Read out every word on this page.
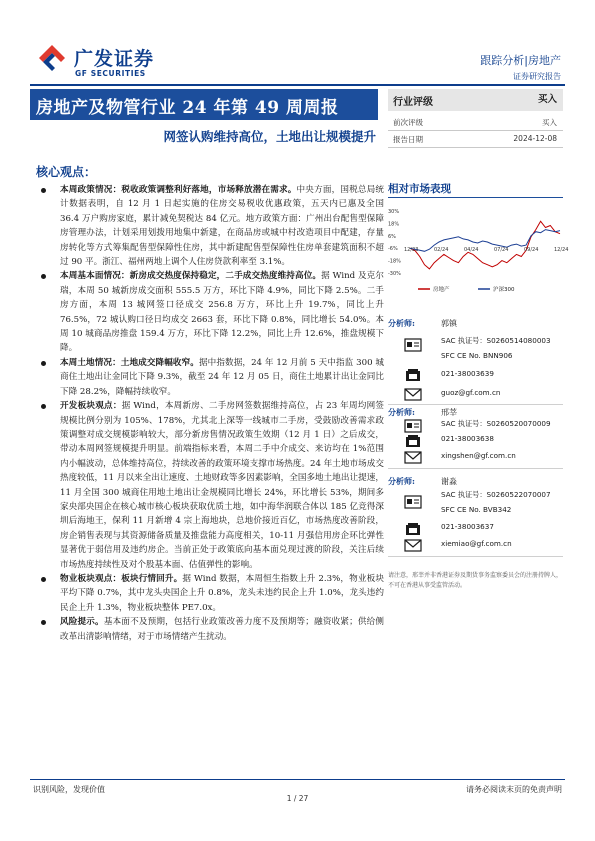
广发证券
GF SECURITIES
跟踪分析|房地产
证券研究报告
房地产及物管行业 24 年第 49 周周报
网签认购维持高位，土地出让规模提升
行业评级	买入
前次评级	买入
报告日期	2024-12-08
核心观点：
本周政策情况：税收政策调整利好落地，市场释放潜在需求。中央方面，国税总局统计数据表明，自 12 月 1 日起实施的住房交易税收优惠政策，五天内已惠及全国 36.4 万户购房家庭，累计减免契税达 84 亿元。地方政策方面：广州出台配售型保障房管理办法，计划采用划拨用地集中新建，在商品房或城中村改造项目中配建，存量房转化等方式筹集配售型保障性住房，其中新建配售型保障性住房单套建筑面积不超过 90 平。浙江、福州两地上调个人住房贷款利率至 3.1%。
本周基本面情况：新房成交热度保持稳定，二手成交热度维持高位。据 Wind 及克尔瑞，本周 50 城新房成交面积 555.5 万方，环比下降 4.9%，同比下降 2.5%。二手房方面，本周 13 城网签口径成交 256.8 万方，环比上升 19.7%，同比上升 76.5%，72 城认购口径日均成交 2663 套，环比下降 0.8%，同比增长 54.0%。本周 10 城商品房推盘 159.4 万方，环比下降 12.2%，同比上升 12.6%，推盘规模下降。
本周土地情况：土地成交降幅收窄。据中指数据，24 年 12 月前 5 天中指监 300 城商住土地出让金同比下降 9.3%，截至 24 年 12 月 05 日，商住土地累计出让金同比下降 28.2%，降幅持续收窄。
开发板块观点：据 Wind，本周新房、二手房网签数据维持高位，占 23 年周均网签规模比例分别为 105%、178%，尤其北上深等一线城市二手房，受鼓励改善需求政策调整对成交规模影响较大，部分新房售情况政策生效期（12 月 1 日）之后成交，带动本周网签规模提升明显。前端指标来看，本周二手中介成交、来访均在 1%范围内小幅波动，总体维持高位，持续改善的政策环境支撑市场热度。24 年土地市场成交热度较低，11 月以来全出让速度、土地财政等多因素影响，全国多地土地出让提速，11 月全国 300 城商住用地土地出让金规模同比增长 24%，环比增长 53%，期间多家央部央国企在核心城市核心板块获取优质土地，如中海华润联合体以 185 亿竞得深圳后海地王，保利 11 月新增 4 宗上海地块，总地价接近百亿，市场热度改善阶段，房企销售表现与其资源储备质量及推盘能力高度相关，10-11 月强信用房企环比弹性显著优于弱信用及违约房企。当前正处于政策底向基本面兑现过渡的阶段，关注后续市场热度持续性及对个股基本面、估值弹性的影响。
物业板块观点：板块行情回升。据 Wind 数据，本周恒生指数上升 2.3%，物业板块平均下降 0.7%，其中龙头央国企上升 0.8%，龙头未违约民企上升 1.0%，龙头违约民企上升 1.3%，物业板块整体 PE7.0x。
风险提示。基本面不及预期，包括行业政策改善力度不及预期等；融资收紧；供给侧改革出清影响情绪，对于市场情绪产生扰动。
相对市场表现
30%
18%
6%
-6%
-18%
-30%
12/23	02/24	04/24	07/24	09/24	12/24
房地产	沪深300
分析师:	郭镇
SAC 执证号：S0260514080003
SFC CE No. BNN906
021-38003639
guoz@gf.com.cn
分析师:	邢莘
SAC 执证号：S0260520070009
021-38003638
xingshen@gf.com.cn
分析师:	谢淼
SAC 执证号：S0260522070007
SFC CE No. BVB342
021-38003637
xiemiao@gf.com.cn
请注意，邢莘并非香港证券及期货事务监察委员会的注册持牌人，不可在香港从事受监管活动。
识别风险，发现价值	请务必阅读末页的免责声明
1 / 27
